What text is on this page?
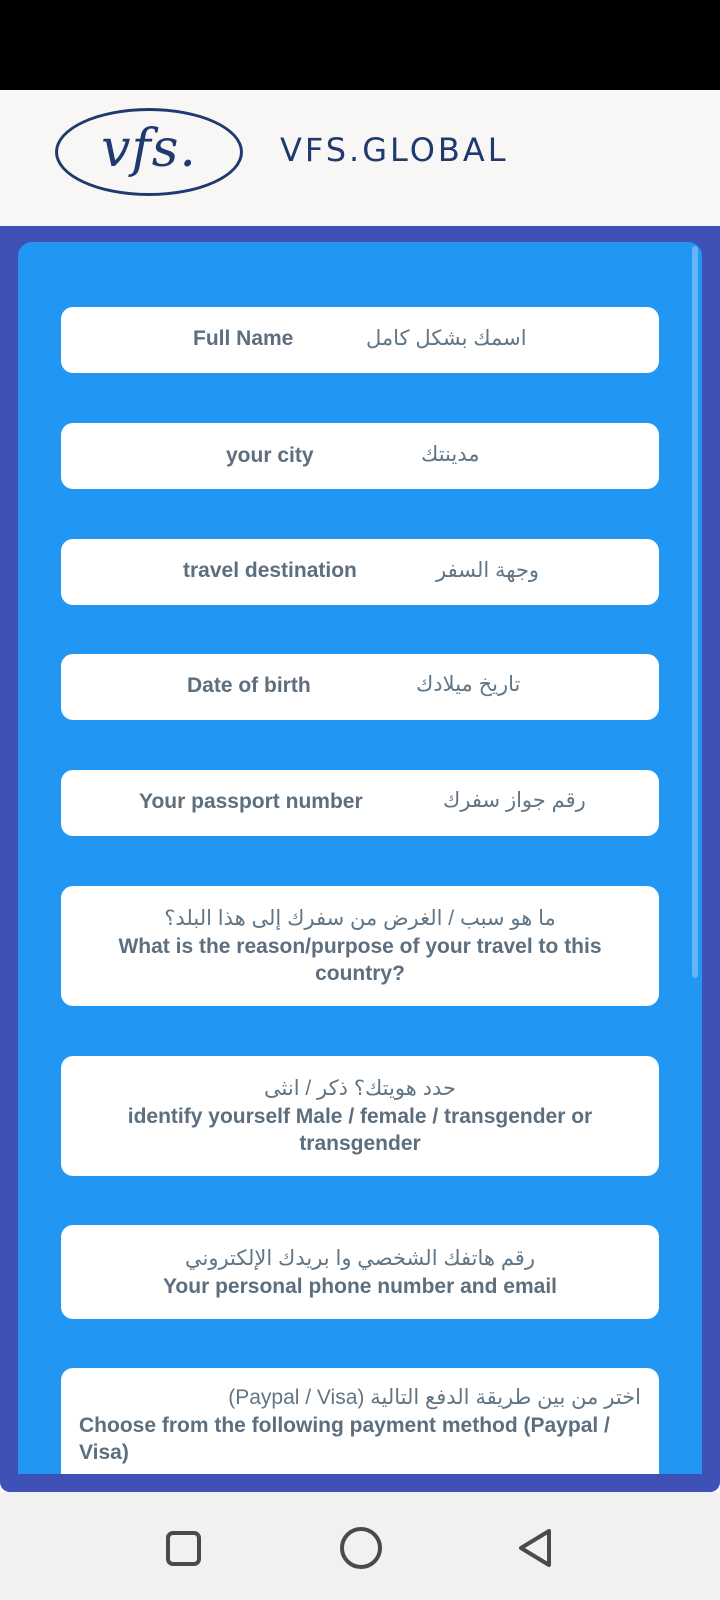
vfs.	VFS.GLOBAL
Full Name	اسمك بشكل كامل
your city	مدينتك
travel destination	وجهة السفر
Date of birth	تاريخ ميلادك
Your passport number	رقم جواز سفرك
ما هو سبب / الغرض من سفرك إلى هذا البلد؟
What is the reason/purpose of your travel to this country?
حدد هويتك؟ ذكر / انثى
identify yourself Male / female / transgender or transgender
رقم هاتفك الشخصي وا بريدك الإلكتروني
Your personal phone number and email
اختر من بين طريقة الدفع التالية (Paypal / Visa)
Choose from the following payment method (Paypal / Visa)
